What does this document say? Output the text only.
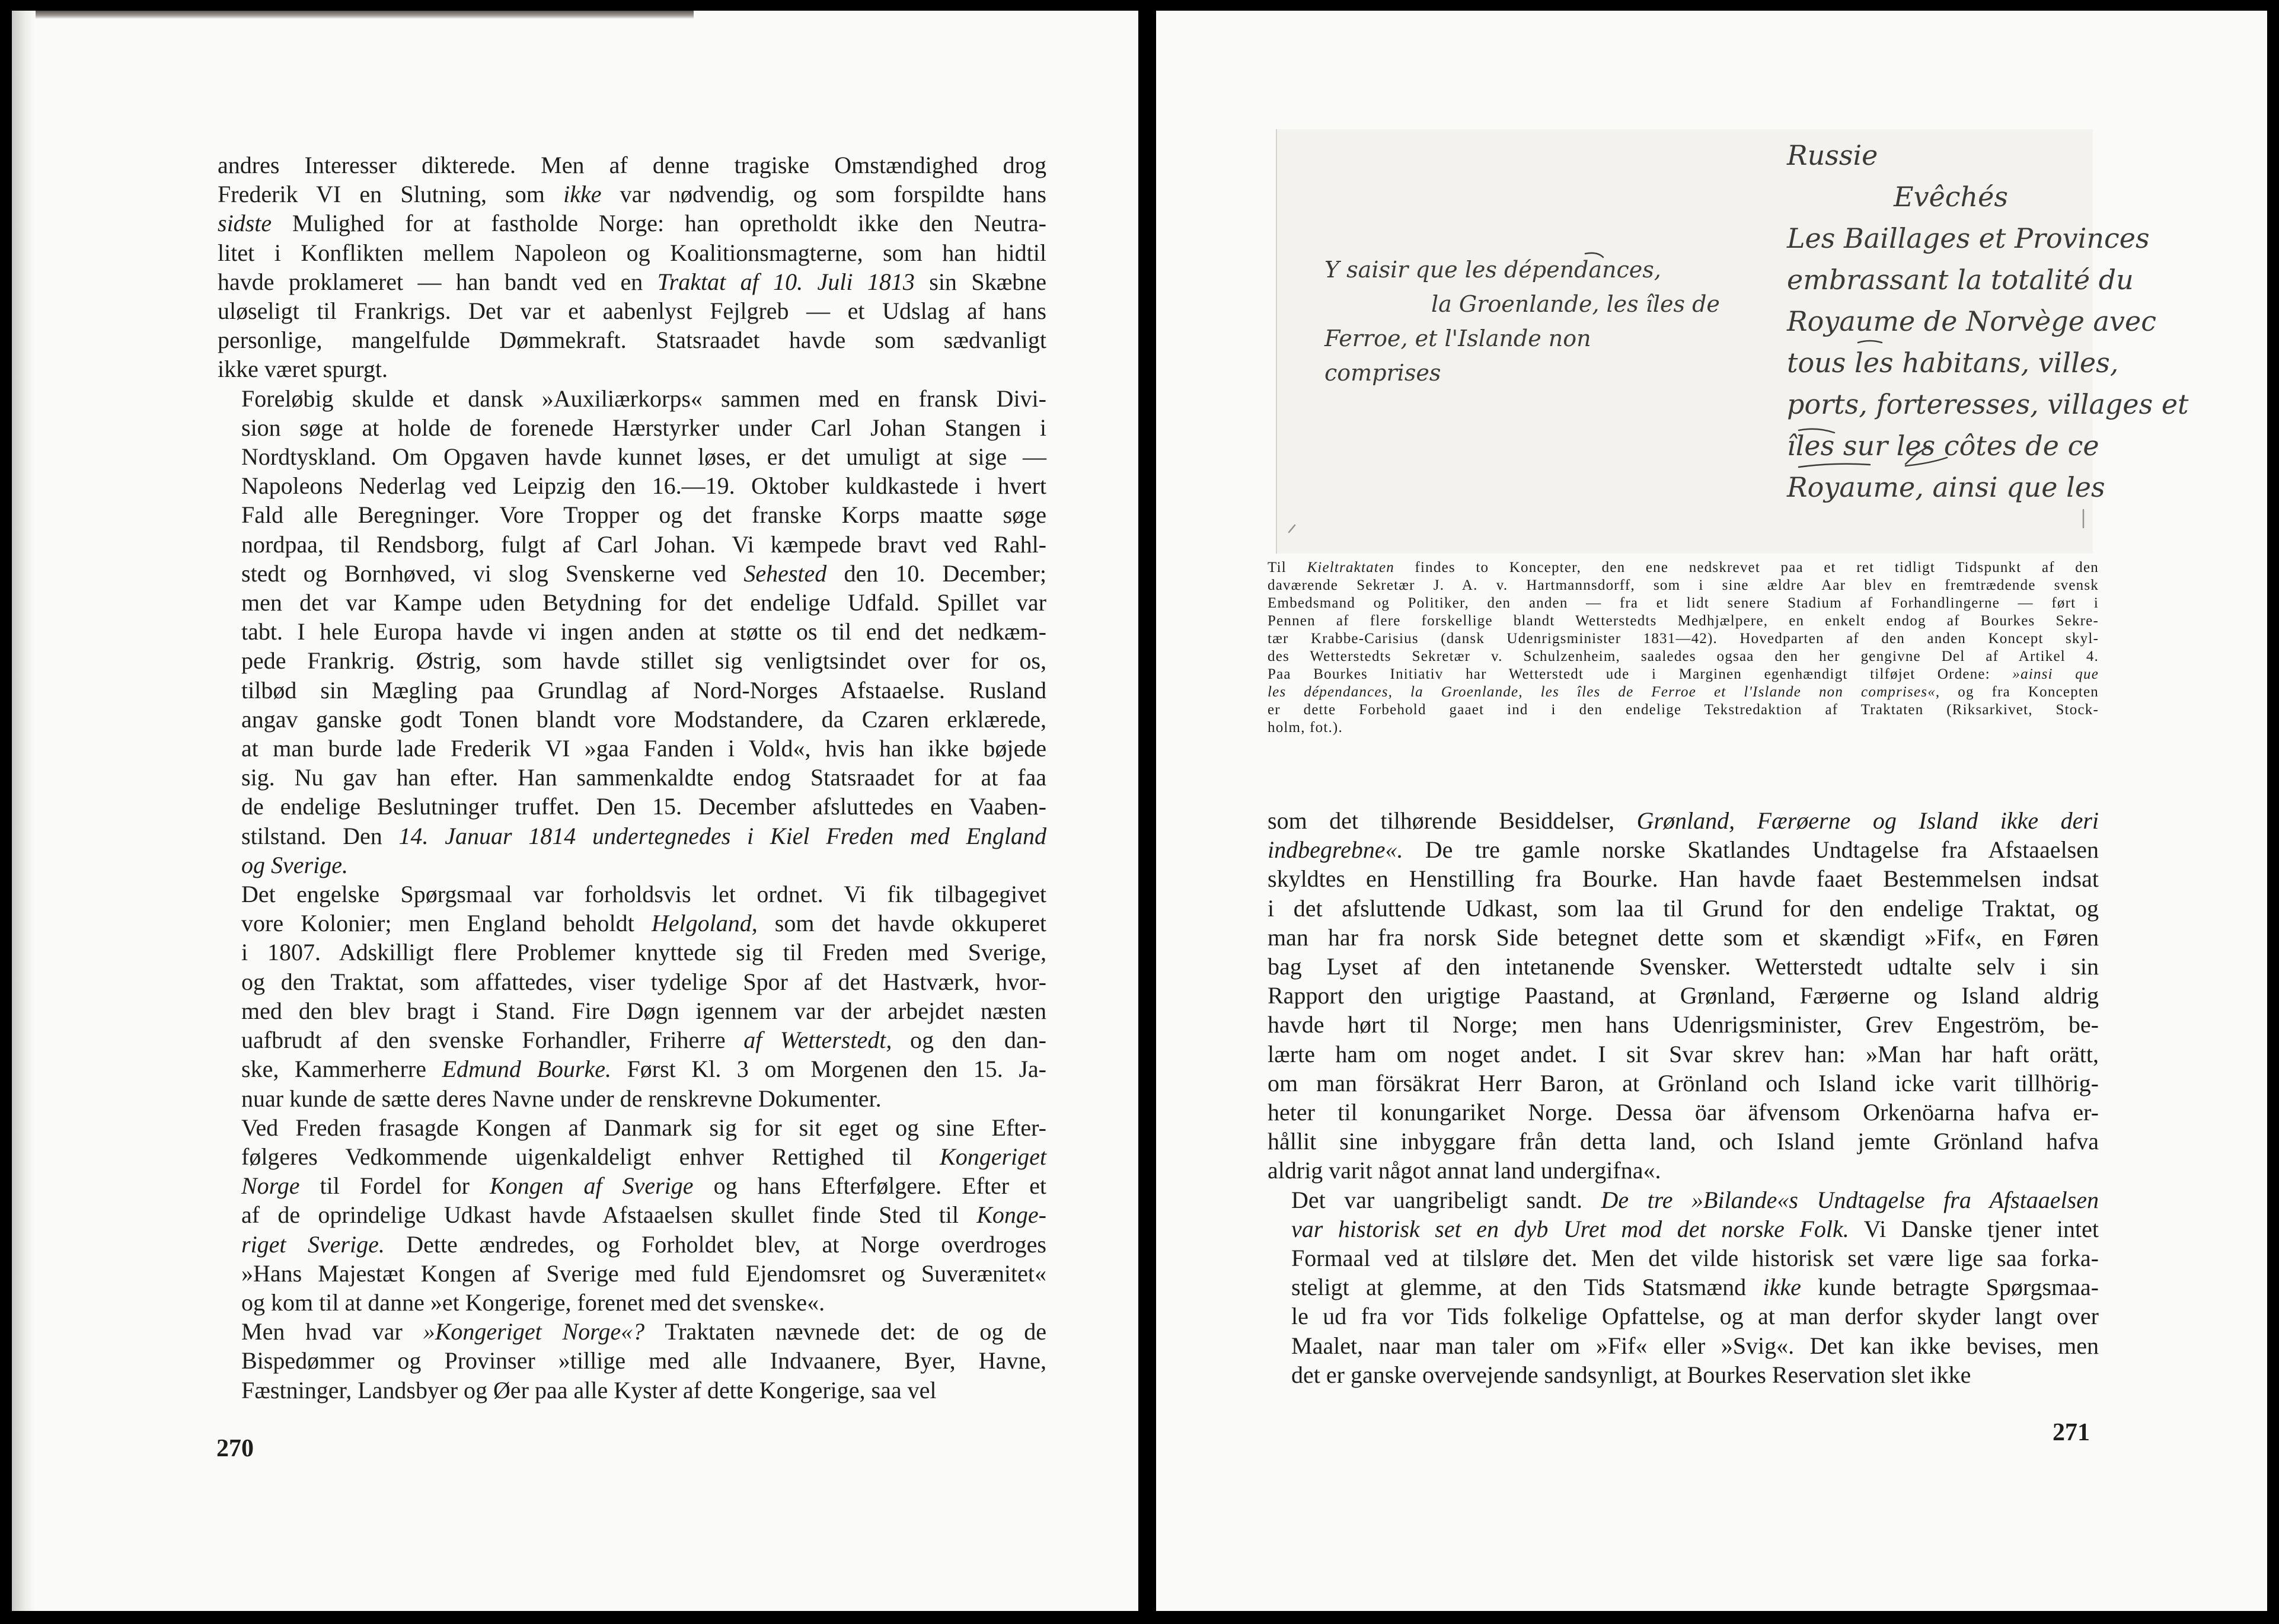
andres Interesser dikterede. Men af denne tragiske Omstændighed drog
Frederik VI en Slutning, som ikke var nødvendig, og som forspildte hans
sidste Mulighed for at fastholde Norge: han opretholdt ikke den Neutra-
litet i Konflikten mellem Napoleon og Koalitionsmagterne, som han hidtil
havde proklameret — han bandt ved en Traktat af 10. Juli 1813 sin Skæbne
uløseligt til Frankrigs. Det var et aabenlyst Fejlgreb — et Udslag af hans
personlige, mangelfulde Dømmekraft. Statsraadet havde som sædvanligt
ikke været spurgt.

Foreløbig skulde et dansk »Auxiliærkorps« sammen med en fransk Divi-
sion søge at holde de forenede Hærstyrker under Carl Johan Stangen i
Nordtyskland. Om Opgaven havde kunnet løses, er det umuligt at sige —
Napoleons Nederlag ved Leipzig den 16.—19. Oktober kuldkastede i hvert
Fald alle Beregninger. Vore Tropper og det franske Korps maatte søge
nordpaa, til Rendsborg, fulgt af Carl Johan. Vi kæmpede bravt ved Rahl-
stedt og Bornhøved, vi slog Svenskerne ved Sehested den 10. December;
men det var Kampe uden Betydning for det endelige Udfald. Spillet var
tabt. I hele Europa havde vi ingen anden at støtte os til end det nedkæm-
pede Frankrig. Østrig, som havde stillet sig venligtsindet over for os,
tilbød sin Mægling paa Grundlag af Nord-Norges Afstaaelse. Rusland
angav ganske godt Tonen blandt vore Modstandere, da Czaren erklærede,
at man burde lade Frederik VI »gaa Fanden i Vold«, hvis han ikke bøjede
sig. Nu gav han efter. Han sammenkaldte endog Statsraadet for at faa
de endelige Beslutninger truffet. Den 15. December afsluttedes en Vaaben-
stilstand. Den 14. Januar 1814 undertegnedes i Kiel Freden med England
og Sverige.

Det engelske Spørgsmaal var forholdsvis let ordnet. Vi fik tilbagegivet
vore Kolonier; men England beholdt Helgoland, som det havde okkuperet
i 1807. Adskilligt flere Problemer knyttede sig til Freden med Sverige,
og den Traktat, som affattedes, viser tydelige Spor af det Hastværk, hvor-
med den blev bragt i Stand. Fire Døgn igennem var der arbejdet næsten
uafbrudt af den svenske Forhandler, Friherre af Wetterstedt, og den dan-
ske, Kammerherre Edmund Bourke. Først Kl. 3 om Morgenen den 15. Ja-
nuar kunde de sætte deres Navne under de renskrevne Dokumenter.

Ved Freden frasagde Kongen af Danmark sig for sit eget og sine Efter-
følgeres Vedkommende uigenkaldeligt enhver Rettighed til Kongeriget
Norge til Fordel for Kongen af Sverige og hans Efterfølgere. Efter et
af de oprindelige Udkast havde Afstaaelsen skullet finde Sted til Konge-
riget Sverige. Dette ændredes, og Forholdet blev, at Norge overdroges
»Hans Majestæt Kongen af Sverige med fuld Ejendomsret og Suverænitet«
og kom til at danne »et Kongerige, forenet med det svenske«.

Men hvad var »Kongeriget Norge«? Traktaten nævnede det: de og de
Bispedømmer og Provinser »tillige med alle Indvaanere, Byer, Havne,
Fæstninger, Landsbyer og Øer paa alle Kyster af dette Kongerige, saa vel

270
Russie
Evêchés
Les Baillages et Provinces
embrassant la totalité du
Royaume de Norvège avec
tous les habitans, villes,
ports, forteresses, villages et
îles sur les côtes de ce
Royaume, ainsi que les
Y saisir que les dépendances,
la Groenlande, les îles de
Ferroe, et l'Islande non
comprises
Til Kieltraktaten findes to Koncepter, den ene nedskrevet paa et ret tidligt Tidspunkt af den
daværende Sekretær J. A. v. Hartmannsdorff, som i sine ældre Aar blev en fremtrædende svensk
Embedsmand og Politiker, den anden — fra et lidt senere Stadium af Forhandlingerne — ført i
Pennen af flere forskellige blandt Wetterstedts Medhjælpere, en enkelt endog af Bourkes Sekre-
tær Krabbe-Carisius (dansk Udenrigsminister 1831—42). Hovedparten af den anden Koncept skyl-
des Wetterstedts Sekretær v. Schulzenheim, saaledes ogsaa den her gengivne Del af Artikel 4.
Paa Bourkes Initiativ har Wetterstedt ude i Marginen egenhændigt tilføjet Ordene: »ainsi que
les dépendances, la Groenlande, les îles de Ferroe et l'Islande non comprises«, og fra Koncepten
er dette Forbehold gaaet ind i den endelige Tekstredaktion af Traktaten (Riksarkivet, Stock-
holm, fot.).

som det tilhørende Besiddelser, Grønland, Færøerne og Island ikke deri
indbegrebne«. De tre gamle norske Skatlandes Undtagelse fra Afstaaelsen
skyldtes en Henstilling fra Bourke. Han havde faaet Bestemmelsen indsat
i det afsluttende Udkast, som laa til Grund for den endelige Traktat, og
man har fra norsk Side betegnet dette som et skændigt »Fif«, en Føren
bag Lyset af den intetanende Svensker. Wetterstedt udtalte selv i sin
Rapport den urigtige Paastand, at Grønland, Færøerne og Island aldrig
havde hørt til Norge; men hans Udenrigsminister, Grev Engeström, be-
lærte ham om noget andet. I sit Svar skrev han: »Man har haft orätt,
om man försäkrat Herr Baron, at Grönland och Island icke varit tillhörig-
heter til konungariket Norge. Dessa öar äfvensom Orkenöarna hafva er-
hållit sine inbyggare från detta land, och Island jemte Grönland hafva
aldrig varit något annat land undergifna«.

Det var uangribeligt sandt. De tre »Bilande«s Undtagelse fra Afstaaelsen
var historisk set en dyb Uret mod det norske Folk. Vi Danske tjener intet
Formaal ved at tilsløre det. Men det vilde historisk set være lige saa forka-
steligt at glemme, at den Tids Statsmænd ikke kunde betragte Spørgsmaa-
le ud fra vor Tids folkelige Opfattelse, og at man derfor skyder langt over
Maalet, naar man taler om »Fif« eller »Svig«. Det kan ikke bevises, men
det er ganske overvejende sandsynligt, at Bourkes Reservation slet ikke

271
